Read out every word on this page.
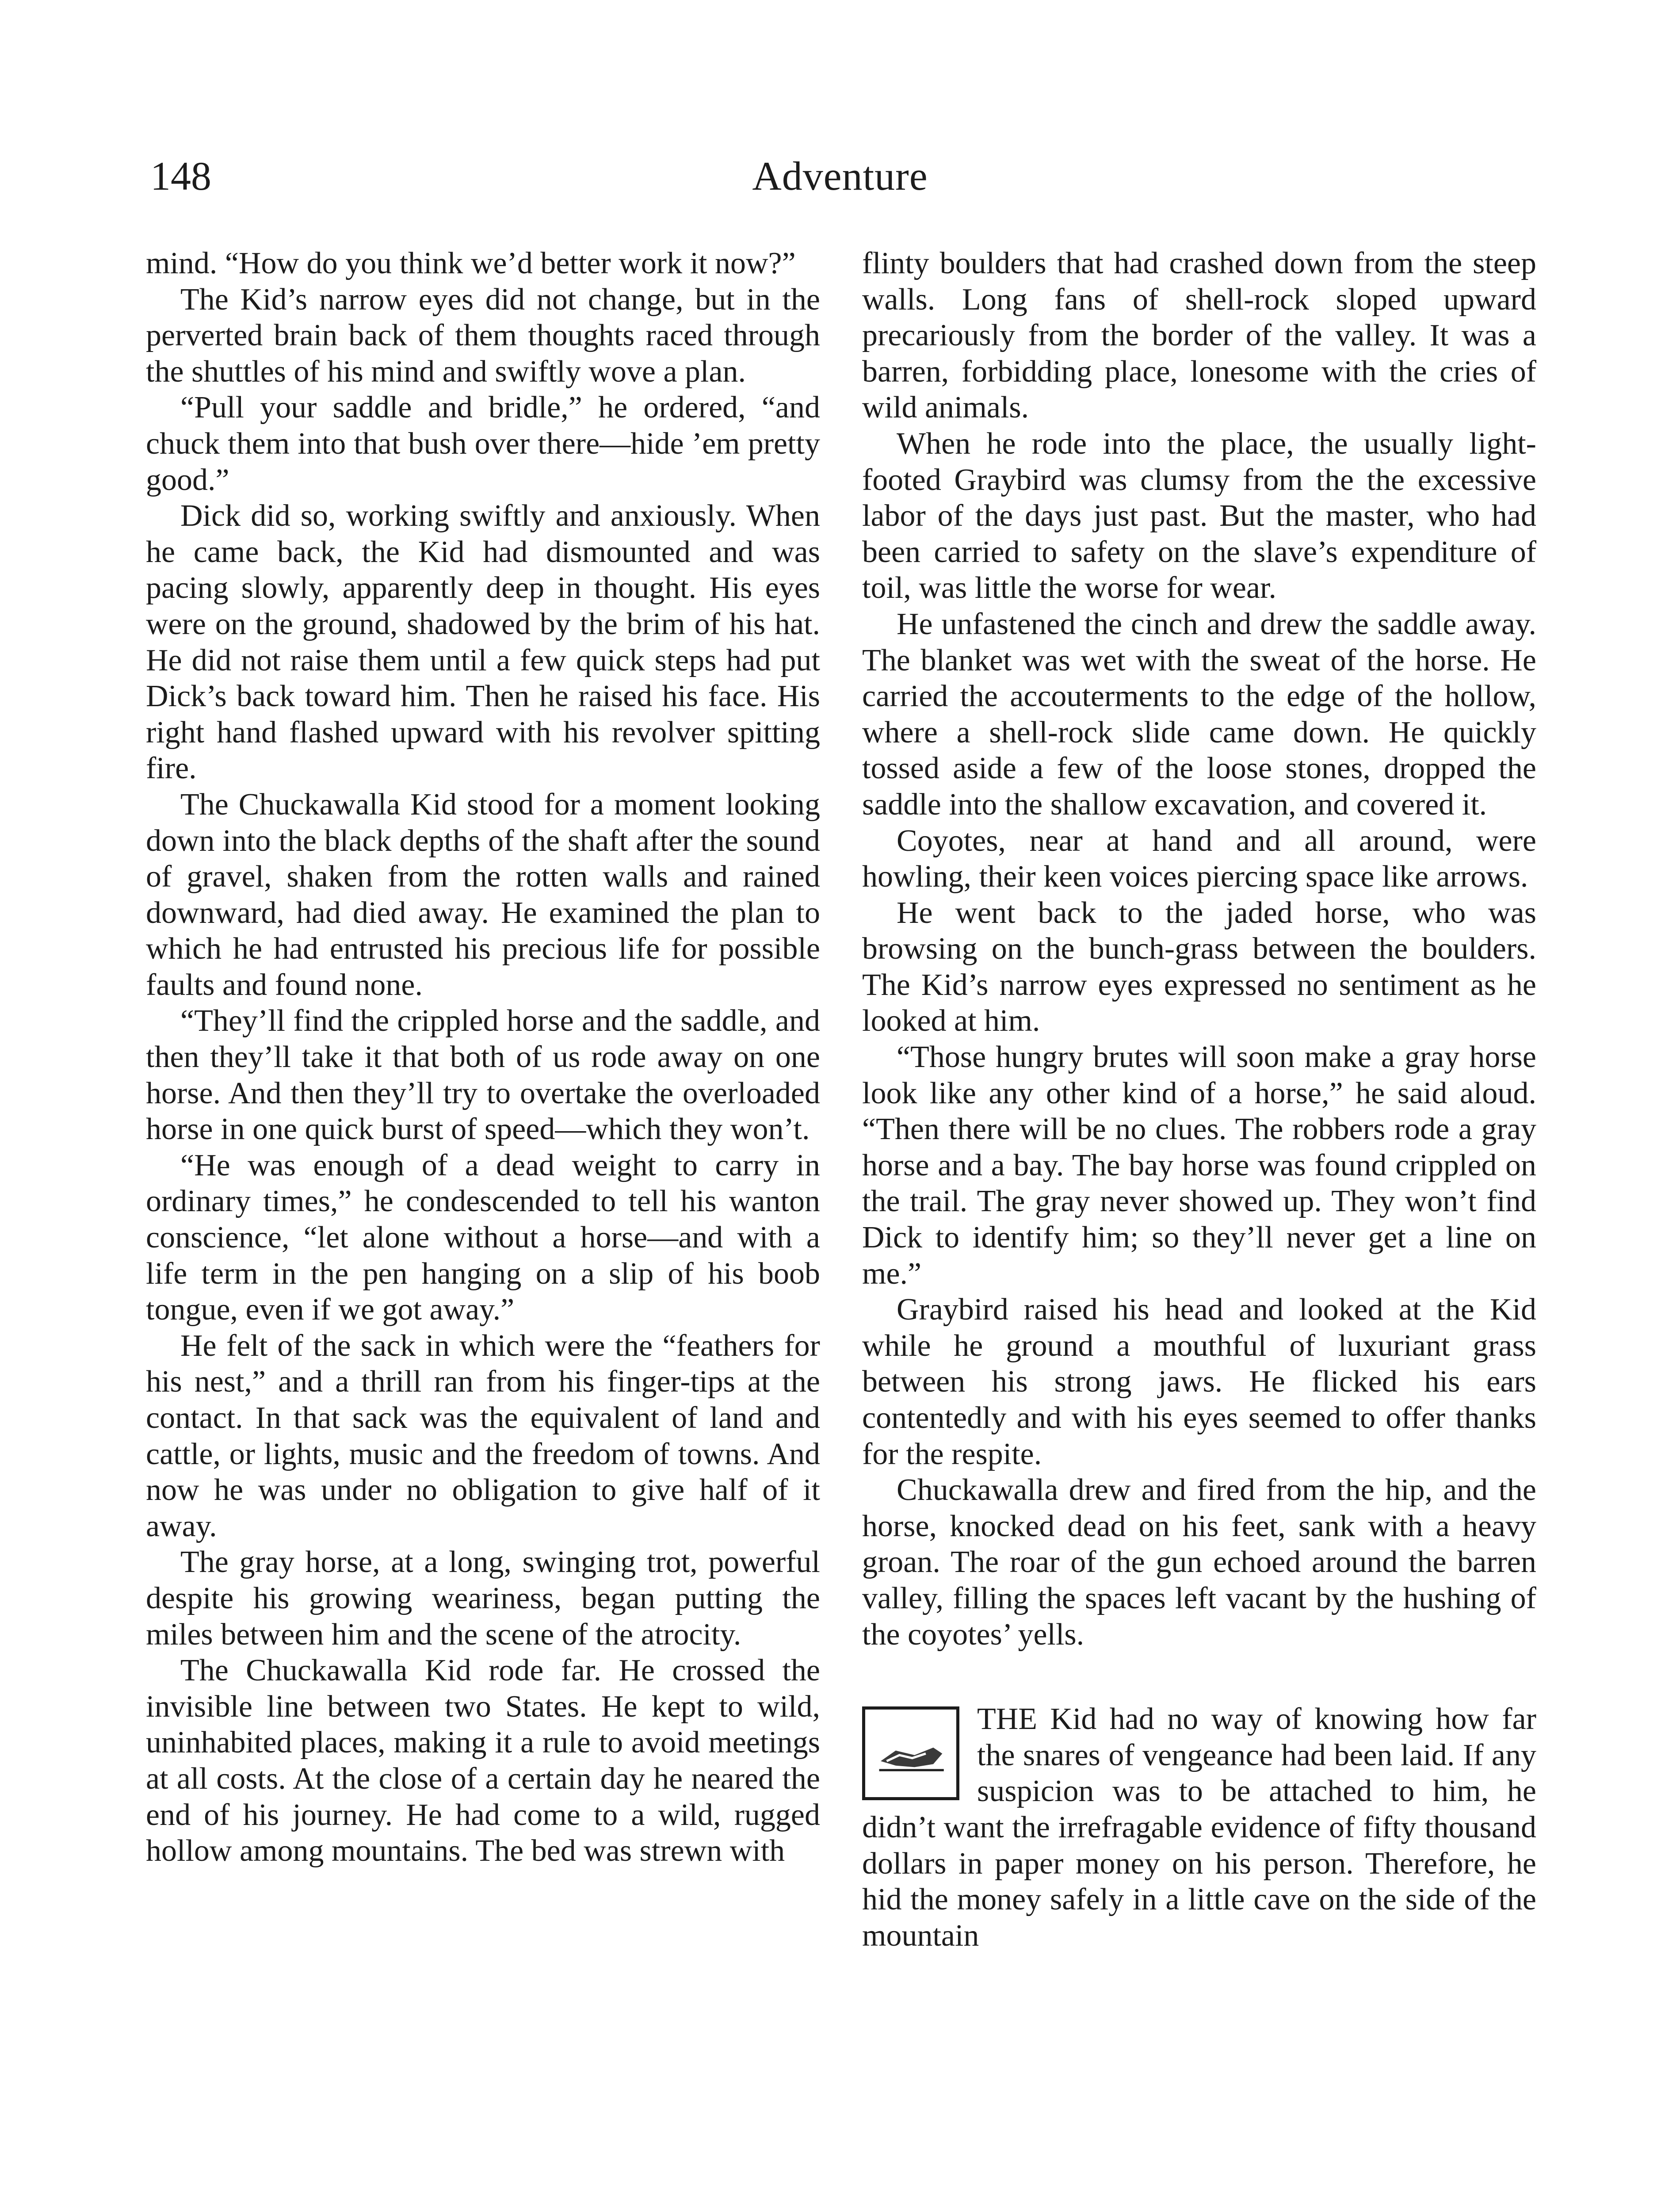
148	Adventure

mind. “How do you think we’d better work it now?”

The Kid’s narrow eyes did not change, but in the perverted brain back of them thoughts raced through the shuttles of his mind and swiftly wove a plan.

“Pull your saddle and bridle,” he ordered, “and chuck them into that bush over there—hide ’em pretty good.”

Dick did so, working swiftly and anxiously. When he came back, the Kid had dismounted and was pacing slowly, apparently deep in thought. His eyes were on the ground, shadowed by the brim of his hat. He did not raise them until a few quick steps had put Dick’s back toward him. Then he raised his face. His right hand flashed upward with his revolver spitting fire.

The Chuckawalla Kid stood for a moment looking down into the black depths of the shaft after the sound of gravel, shaken from the rotten walls and rained downward, had died away. He examined the plan to which he had entrusted his precious life for possible faults and found none.

“They’ll find the crippled horse and the saddle, and then they’ll take it that both of us rode away on one horse. And then they’ll try to overtake the overloaded horse in one quick burst of speed—which they won’t.

“He was enough of a dead weight to carry in ordinary times,” he condescended to tell his wanton conscience, “let alone without a horse—and with a life term in the pen hanging on a slip of his boob tongue, even if we got away.”

He felt of the sack in which were the “feathers for his nest,” and a thrill ran from his finger-tips at the contact. In that sack was the equivalent of land and cattle, or lights, music and the freedom of towns. And now he was under no obligation to give half of it away.

The gray horse, at a long, swinging trot, powerful despite his growing weariness, began putting the miles between him and the scene of the atrocity.

The Chuckawalla Kid rode far. He crossed the invisible line between two States. He kept to wild, uninhabited places, making it a rule to avoid meetings at all costs. At the close of a certain day he neared the end of his journey. He had come to a wild, rugged hollow among mountains. The bed was strewn with

flinty boulders that had crashed down from the steep walls. Long fans of shell-rock sloped upward precariously from the border of the valley. It was a barren, forbidding place, lonesome with the cries of wild animals.

When he rode into the place, the usually light-footed Graybird was clumsy from the the excessive labor of the days just past. But the master, who had been carried to safety on the slave’s expenditure of toil, was little the worse for wear.

He unfastened the cinch and drew the saddle away. The blanket was wet with the sweat of the horse. He carried the accouterments to the edge of the hollow, where a shell-rock slide came down. He quickly tossed aside a few of the loose stones, dropped the saddle into the shallow excavation, and covered it.

Coyotes, near at hand and all around, were howling, their keen voices piercing space like arrows.

He went back to the jaded horse, who was browsing on the bunch-grass between the boulders. The Kid’s narrow eyes expressed no sentiment as he looked at him.

“Those hungry brutes will soon make a gray horse look like any other kind of a horse,” he said aloud. “Then there will be no clues. The robbers rode a gray horse and a bay. The bay horse was found crippled on the trail. The gray never showed up. They won’t find Dick to identify him; so they’ll never get a line on me.”

Graybird raised his head and looked at the Kid while he ground a mouthful of luxuriant grass between his strong jaws. He flicked his ears contentedly and with his eyes seemed to offer thanks for the respite.

Chuckawalla drew and fired from the hip, and the horse, knocked dead on his feet, sank with a heavy groan. The roar of the gun echoed around the barren valley, filling the spaces left vacant by the hushing of the coyotes’ yells.

THE Kid had no way of knowing how far the snares of vengeance had been laid. If any suspicion was to be attached to him, he didn’t want the irrefragable evidence of fifty thousand dollars in paper money on his person. Therefore, he hid the money safely in a little cave on the side of the mountain
